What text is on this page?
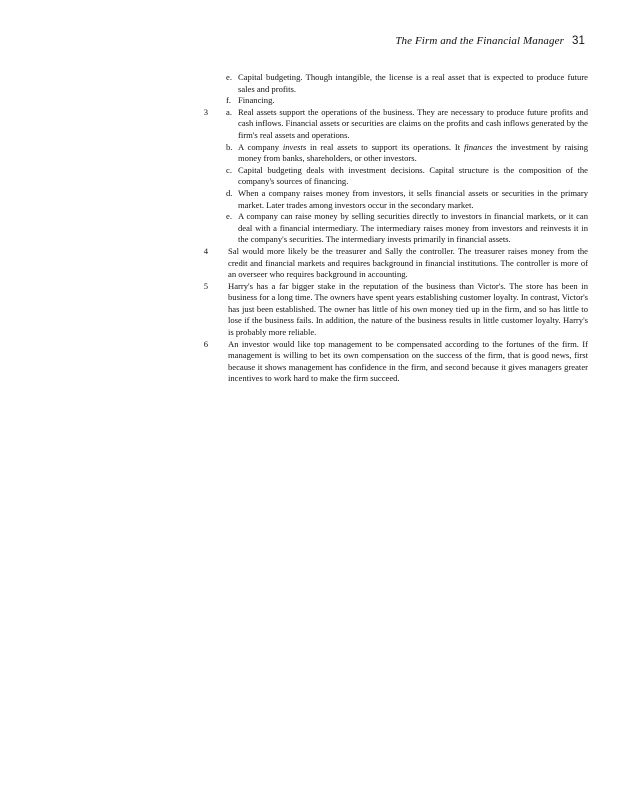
The Firm and the Financial Manager 31
e. Capital budgeting. Though intangible, the license is a real asset that is expected to produce future sales and profits.
f. Financing.
3 a. Real assets support the operations of the business. They are necessary to produce future profits and cash inflows. Financial assets or securities are claims on the profits and cash inflows generated by the firm's real assets and operations.
b. A company invests in real assets to support its operations. It finances the investment by raising money from banks, shareholders, or other investors.
c. Capital budgeting deals with investment decisions. Capital structure is the composition of the company's sources of financing.
d. When a company raises money from investors, it sells financial assets or securities in the primary market. Later trades among investors occur in the secondary market.
e. A company can raise money by selling securities directly to investors in financial markets, or it can deal with a financial intermediary. The intermediary raises money from investors and reinvests it in the company's securities. The intermediary invests primarily in financial assets.
4 Sal would more likely be the treasurer and Sally the controller. The treasurer raises money from the credit and financial markets and requires background in financial institutions. The controller is more of an overseer who requires background in accounting.
5 Harry's has a far bigger stake in the reputation of the business than Victor's. The store has been in business for a long time. The owners have spent years establishing customer loyalty. In contrast, Victor's has just been established. The owner has little of his own money tied up in the firm, and so has little to lose if the business fails. In addition, the nature of the business results in little customer loyalty. Harry's is probably more reliable.
6 An investor would like top management to be compensated according to the fortunes of the firm. If management is willing to bet its own compensation on the success of the firm, that is good news, first because it shows management has confidence in the firm, and second because it gives managers greater incentives to work hard to make the firm succeed.
